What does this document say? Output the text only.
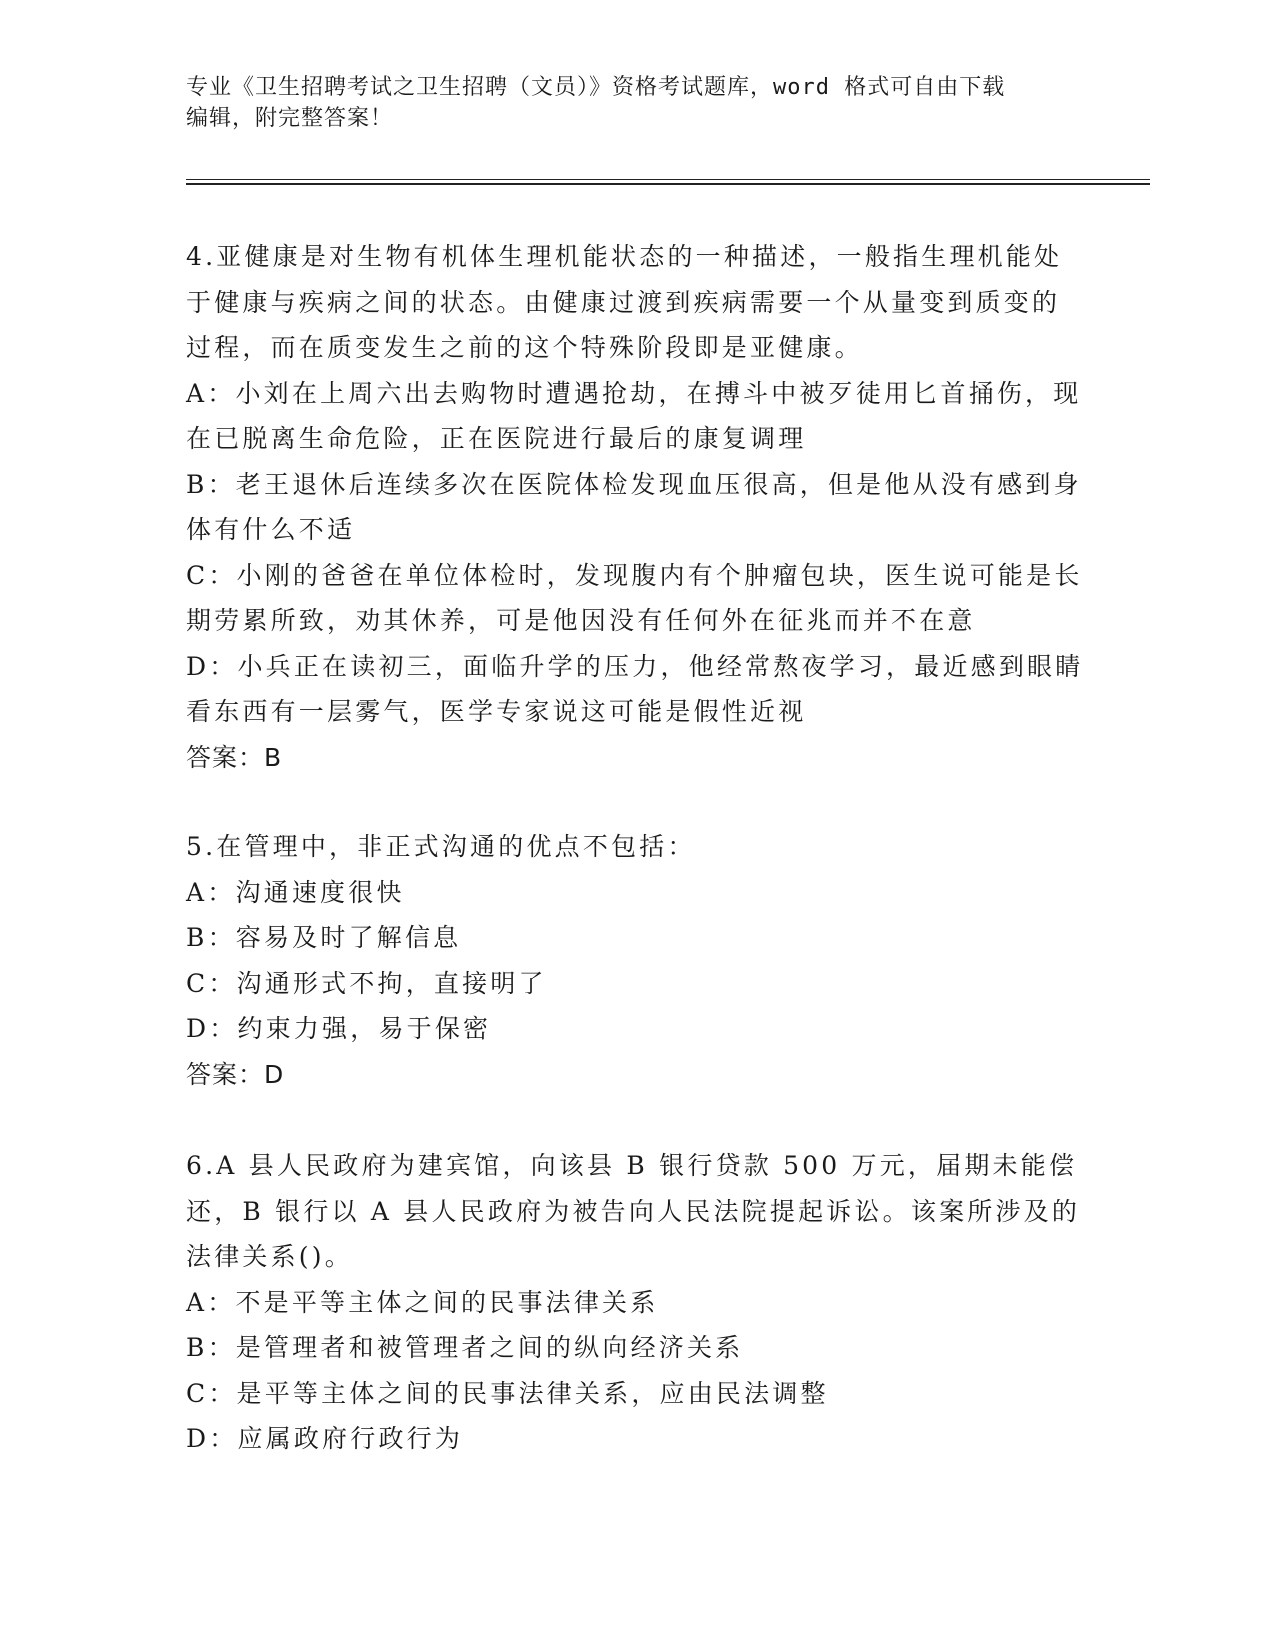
专业《卫生招聘考试之卫生招聘（文员）》资格考试题库，word 格式可自由下载
编辑，附完整答案！

4.亚健康是对生物有机体生理机能状态的一种描述，一般指生理机能处于健康与疾病之间的状态。由健康过渡到疾病需要一个从量变到质变的过程，而在质变发生之前的这个特殊阶段即是亚健康。

A：小刘在上周六出去购物时遭遇抢劫，在搏斗中被歹徒用匕首捅伤，现在已脱离生命危险，正在医院进行最后的康复调理

B：老王退休后连续多次在医院体检发现血压很高，但是他从没有感到身体有什么不适

C：小刚的爸爸在单位体检时，发现腹内有个肿瘤包块，医生说可能是长期劳累所致，劝其休养，可是他因没有任何外在征兆而并不在意

D：小兵正在读初三，面临升学的压力，他经常熬夜学习，最近感到眼睛看东西有一层雾气，医学专家说这可能是假性近视

答案：B

5.在管理中，非正式沟通的优点不包括：

A：沟通速度很快

B：容易及时了解信息

C：沟通形式不拘，直接明了

D：约束力强，易于保密

答案：D

6.A 县人民政府为建宾馆，向该县 B 银行贷款 500 万元，届期未能偿还，B 银行以 A 县人民政府为被告向人民法院提起诉讼。该案所涉及的法律关系()。

A：不是平等主体之间的民事法律关系

B：是管理者和被管理者之间的纵向经济关系

C：是平等主体之间的民事法律关系，应由民法调整

D：应属政府行政行为
